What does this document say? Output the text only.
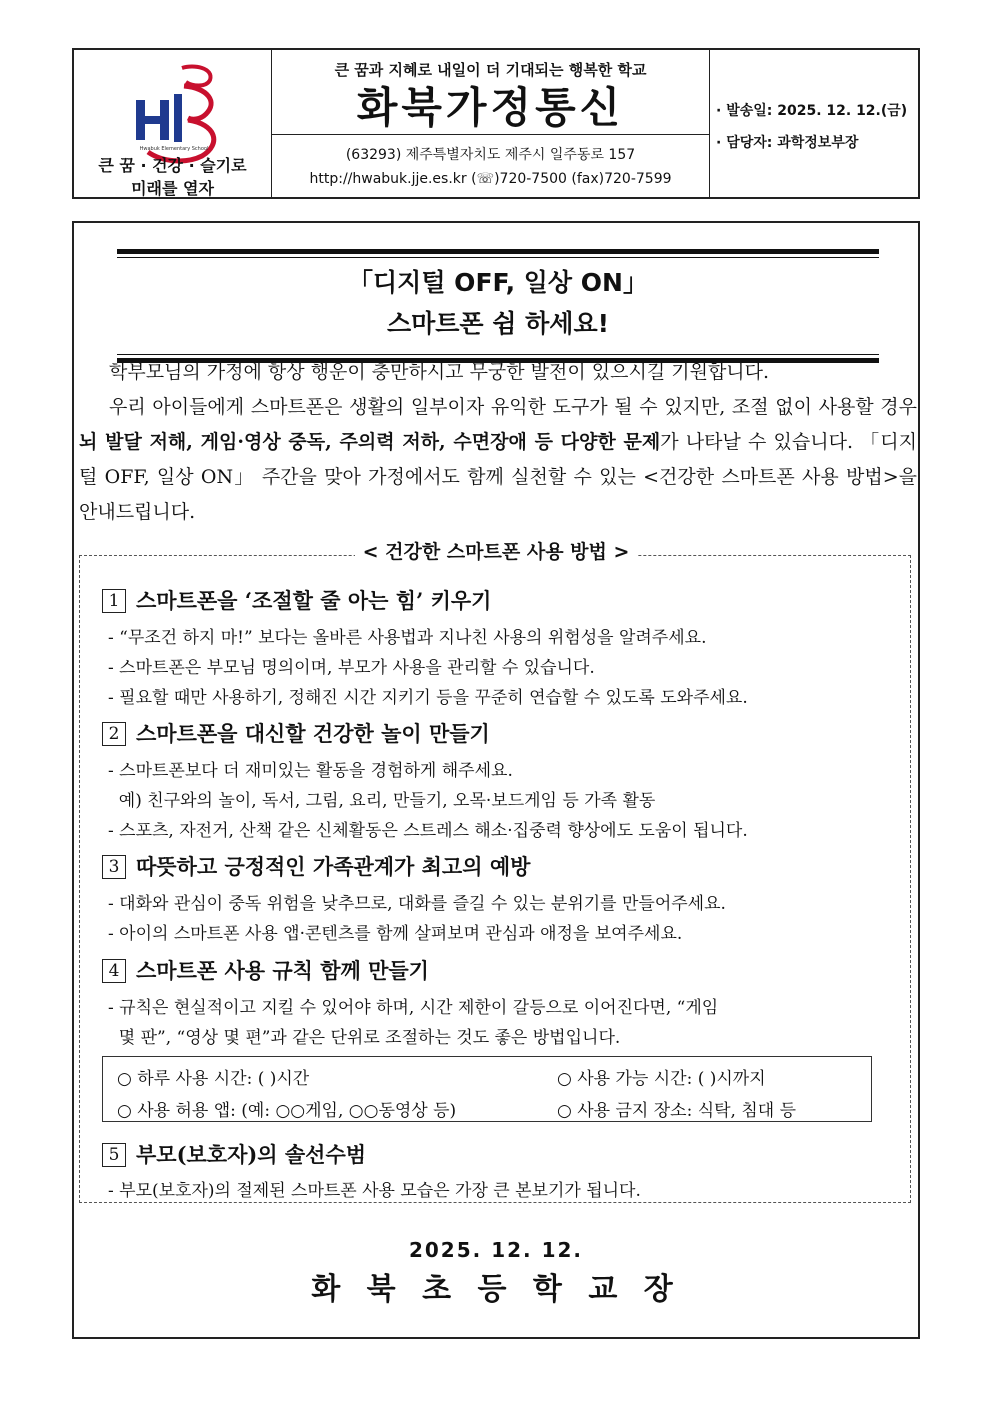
Hwabuk Elementary School
큰 꿈 · 건강 · 슬기로
미래를 열자
큰 꿈과 지혜로 내일이 더 기대되는 행복한 학교
화북가정통신
(63293) 제주특별자치도 제주시 일주동로 157
http://hwabuk.jje.es.kr (☏)720-7500 (fax)720-7599
· 발송일: 2025. 12. 12.(금)
· 담당자: 과학정보부장
「디지털 OFF, 일상 ON」
스마트폰 쉼 하세요!

학부모님의 가정에 항상 행운이 충만하시고 무궁한 발전이 있으시길 기원합니다.

우리 아이들에게 스마트폰은 생활의 일부이자 유익한 도구가 될 수 있지만, 조절 없이 사용할 경우 뇌 발달 저해, 게임·영상 중독, 주의력 저하, 수면장애 등 다양한 문제가 나타날 수 있습니다. 「디지털 OFF, 일상 ON」 주간을 맞아 가정에서도 함께 실천할 수 있는 <건강한 스마트폰 사용 방법>을 안내드립니다.

< 건강한 스마트폰 사용 방법 >
1 스마트폰을 ‘조절할 줄 아는 힘’ 키우기
- “무조건 하지 마!” 보다는 올바른 사용법과 지나친 사용의 위험성을 알려주세요.
- 스마트폰은 부모님 명의이며, 부모가 사용을 관리할 수 있습니다.
- 필요할 때만 사용하기, 정해진 시간 지키기 등을 꾸준히 연습할 수 있도록 도와주세요.
2 스마트폰을 대신할 건강한 놀이 만들기
- 스마트폰보다 더 재미있는 활동을 경험하게 해주세요.
예) 친구와의 놀이, 독서, 그림, 요리, 만들기, 오목·보드게임 등 가족 활동
- 스포츠, 자전거, 산책 같은 신체활동은 스트레스 해소·집중력 향상에도 도움이 됩니다.
3 따뜻하고 긍정적인 가족관계가 최고의 예방
- 대화와 관심이 중독 위험을 낮추므로, 대화를 즐길 수 있는 분위기를 만들어주세요.
- 아이의 스마트폰 사용 앱·콘텐츠를 함께 살펴보며 관심과 애정을 보여주세요.
4 스마트폰 사용 규칙 함께 만들기
- 규칙은 현실적이고 지킬 수 있어야 하며, 시간 제한이 갈등으로 이어진다면, “게임
몇 판”, “영상 몇 편”과 같은 단위로 조절하는 것도 좋은 방법입니다.
○ 하루 사용 시간: ( )시간	○ 사용 가능 시간: ( )시까지
○ 사용 허용 앱: (예: ○○게임, ○○동영상 등)	○ 사용 금지 장소: 식탁, 침대 등
5 부모(보호자)의 솔선수범
- 부모(보호자)의 절제된 스마트폰 사용 모습은 가장 큰 본보기가 됩니다.
2025. 12. 12.
화 북 초 등 학 교 장
